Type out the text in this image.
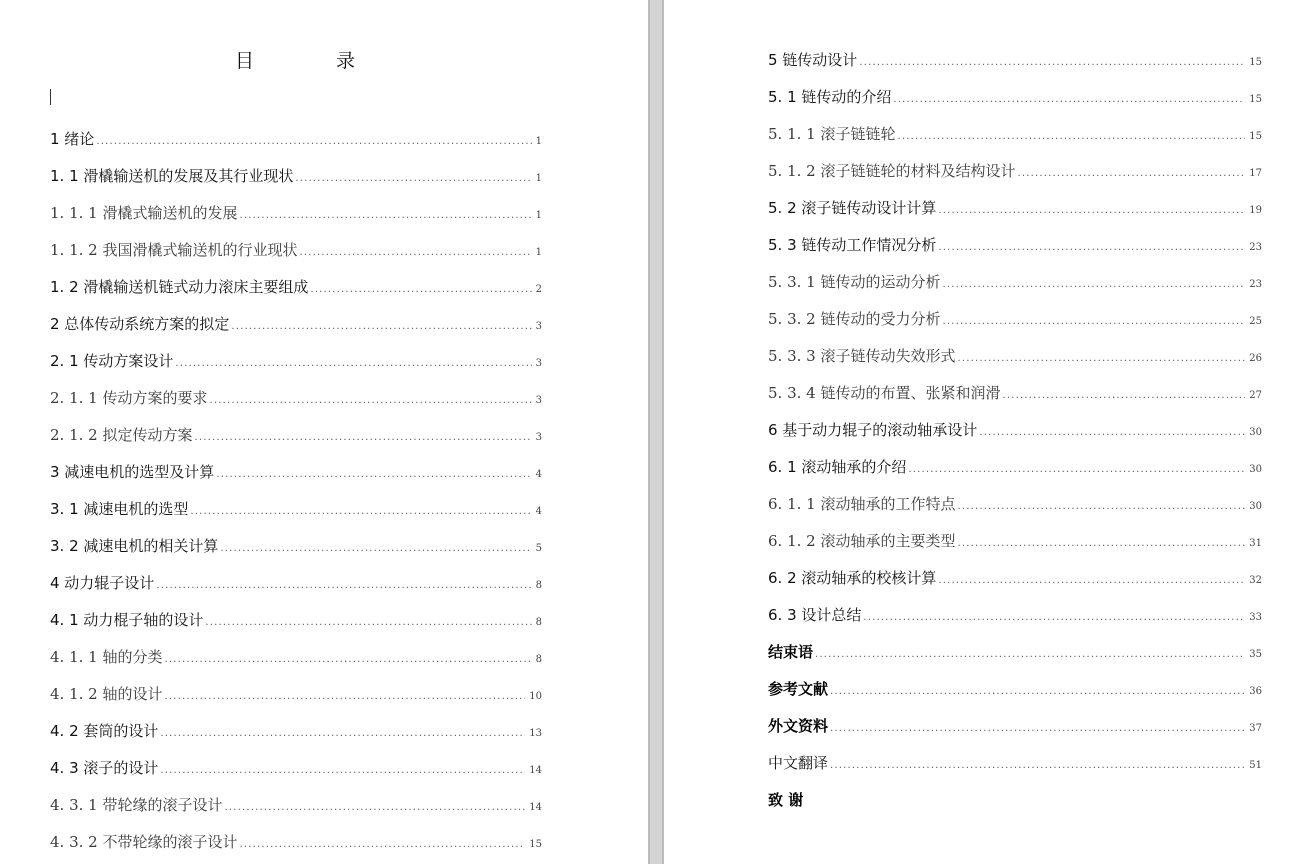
目 录
1 绪论 .....	1
1. 1 滑橇输送机的发展及其行业现状 .....	1
1. 1. 1 滑橇式输送机的发展 .....	1
1. 1. 2 我国滑橇式输送机的行业现状 .....	1
1. 2 滑橇输送机链式动力滚床主要组成 .....	2
2 总体传动系统方案的拟定 .....	3
2. 1 传动方案设计 .....	3
2. 1. 1 传动方案的要求 .....	3
2. 1. 2 拟定传动方案 .....	3
3 减速电机的选型及计算 .....	4
3. 1 减速电机的选型 .....	4
3. 2 减速电机的相关计算 .....	5
4 动力辊子设计 .....	8
4. 1 动力棍子轴的设计 .....	8
4. 1. 1 轴的分类 .....	8
4. 1. 2 轴的设计 .....	10
4. 2 套筒的设计 .....	13
4. 3 滚子的设计 .....	14
4. 3. 1 带轮缘的滚子设计 .....	14
4. 3. 2 不带轮缘的滚子设计 .....	15
5 链传动设计 .....	15
5. 1 链传动的介绍 .....	15
5. 1. 1 滚子链链轮 .....	15
5. 1. 2 滚子链链轮的材料及结构设计 .....	17
5. 2 滚子链传动设计计算 .....	19
5. 3 链传动工作情况分析 .....	23
5. 3. 1 链传动的运动分析 .....	23
5. 3. 2 链传动的受力分析 .....	25
5. 3. 3 滚子链传动失效形式 .....	26
5. 3. 4 链传动的布置、张紧和润滑 .....	27
6 基于动力辊子的滚动轴承设计 .....	30
6. 1 滚动轴承的介绍 .....	30
6. 1. 1 滚动轴承的工作特点 .....	30
6. 1. 2 滚动轴承的主要类型 .....	31
6. 2 滚动轴承的校核计算 .....	32
6. 3 设计总结 .....	33
结束语 .....	35
参考文献 .....	36
外文资料 .....	37
中文翻译 .....	51
致 谢
